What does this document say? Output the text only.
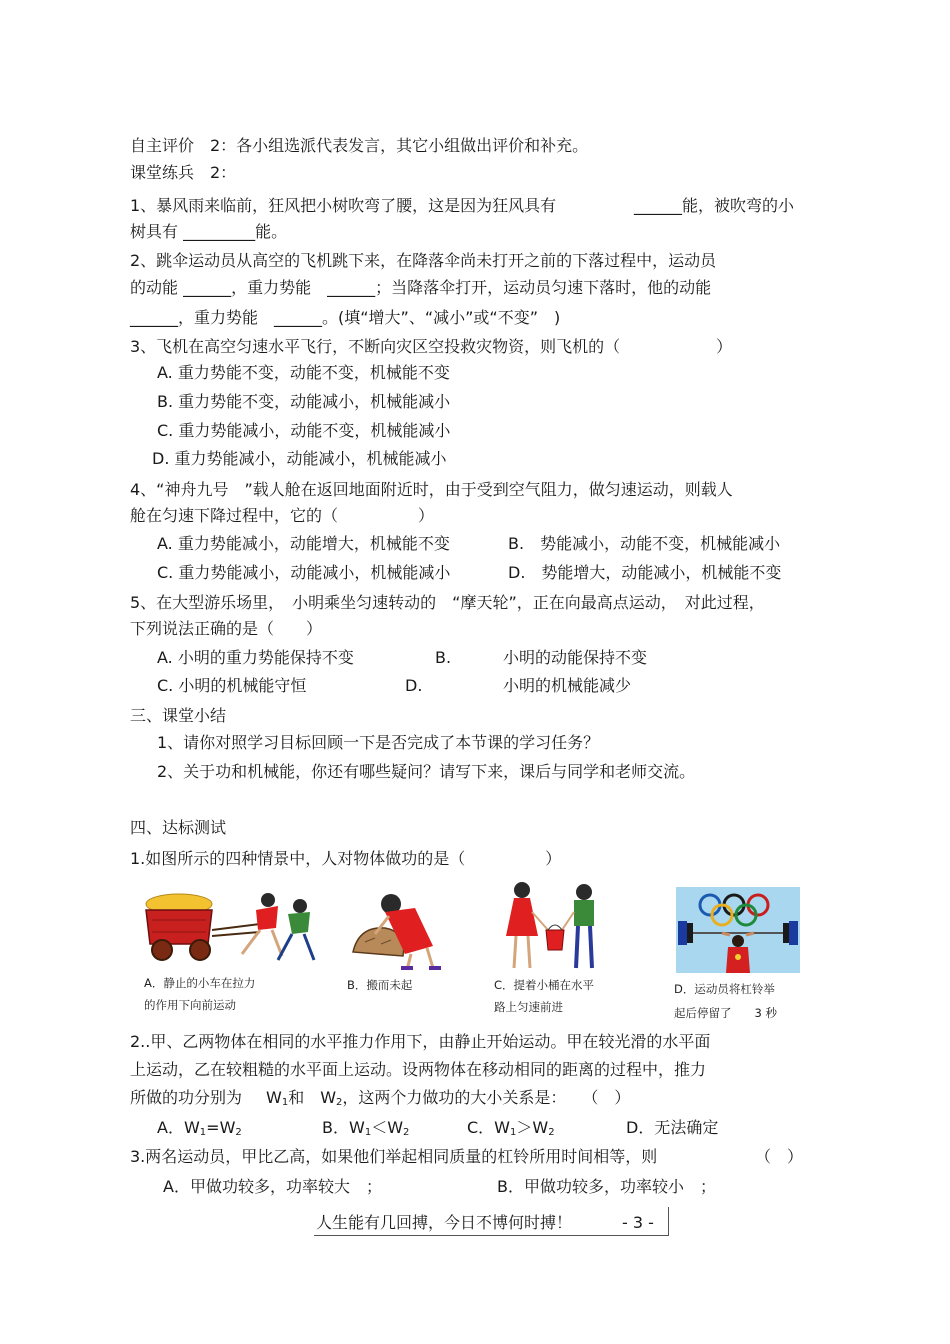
自主评价　2：各小组选派代表发言，其它小组做出评价和补充。
课堂练兵　2：
1、暴风雨来临前，狂风把小树吹弯了腰，这是因为狂风具有	______能，被吹弯的小
树具有 _________能。
2、跳伞运动员从高空的飞机跳下来，在降落伞尚未打开之前的下落过程中，运动员
的动能 ______，重力势能　______；当降落伞打开，运动员匀速下落时，他的动能
______，重力势能　______。(填“增大”、“减小”或“不变”　)
3、飞机在高空匀速水平飞行，不断向灾区空投救灾物资，则飞机的（　　　　　　）
A. 重力势能不变，动能不变，机械能不变
B. 重力势能不变，动能减小，机械能减小
C. 重力势能减小，动能不变，机械能减小
D. 重力势能减小，动能减小，机械能减小
4、“神舟九号　”载人舱在返回地面附近时，由于受到空气阻力，做匀速运动，则载人
舱在匀速下降过程中，它的（　　　　　）
A. 重力势能减小，动能增大，机械能不变	B.　势能减小，动能不变，机械能减小
C. 重力势能减小，动能减小，机械能减小	D.　势能增大，动能减小，机械能不变
5、在大型游乐场里，　小明乘坐匀速转动的　“摩天轮”，正在向最高点运动，　对此过程，
下列说法正确的是（　　）
A. 小明的重力势能保持不变	B.	小明的动能保持不变
C. 小明的机械能守恒	D.	小明的机械能减少
三、课堂小结
1、请你对照学习目标回顾一下是否完成了本节课的学习任务？
2、关于功和机械能，你还有哪些疑问？请写下来，课后与同学和老师交流。
四、达标测试
1.如图所示的四种情景中，人对物体做功的是（　　　　　）
A．静止的小车在拉力
的作用下向前运动
B．搬而未起	C．提着小桶在水平
路上匀速前进
D．运动员将杠铃举
起后停留了　　3 秒
2..甲、乙两物体在相同的水平推力作用下，由静止开始运动。甲在较光滑的水平面
上运动，乙在较粗糙的水平面上运动。设两物体在移动相同的距离的过程中，推力
所做的功分别为 $W_1$和　$W_2$，这两个力做功的大小关系是：　　（　）
A．$W_1=W_2$	B．$W_1<W_2$	C．$W_1>W_2$	D．无法确定
3.两名运动员，甲比乙高，如果他们举起相同质量的杠铃所用时间相等，则	（　）
A．甲做功较多，功率较大　；	B．甲做功较多，功率较小　；
人生能有几回搏，今日不博何时搏！	- 3 -
